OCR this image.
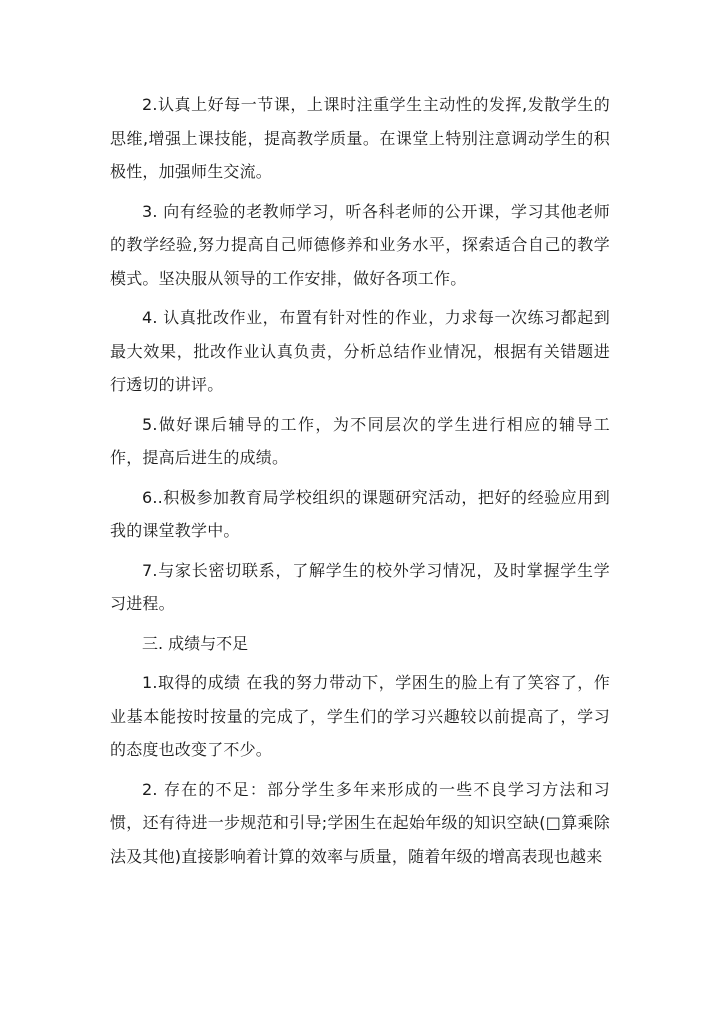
2.认真上好每一节课，上课时注重学生主动性的发挥,发散学生的思维,增强上课技能，提高教学质量。在课堂上特别注意调动学生的积极性，加强师生交流。

3. 向有经验的老教师学习，听各科老师的公开课，学习其他老师的教学经验,努力提高自己师德修养和业务水平，探索适合自己的教学模式。坚决服从领导的工作安排，做好各项工作。

4. 认真批改作业，布置有针对性的作业，力求每一次练习都起到最大效果，批改作业认真负责，分析总结作业情况，根据有关错题进行透切的讲评。

5.做好课后辅导的工作，为不同层次的学生进行相应的辅导工作，提高后进生的成绩。

6..积极参加教育局学校组织的课题研究活动，把好的经验应用到我的课堂教学中。

7.与家长密切联系，了解学生的校外学习情况，及时掌握学生学习进程。

三. 成绩与不足

1.取得的成绩 在我的努力带动下，学困生的脸上有了笑容了，作业基本能按时按量的完成了，学生们的学习兴趣较以前提高了，学习的态度也改变了不少。

2. 存在的不足：部分学生多年来形成的一些不良学习方法和习惯，还有待进一步规范和引导;学困生在起始年级的知识空缺(□算乘除法及其他)直接影响着计算的效率与质量，随着年级的增高表现也越来
